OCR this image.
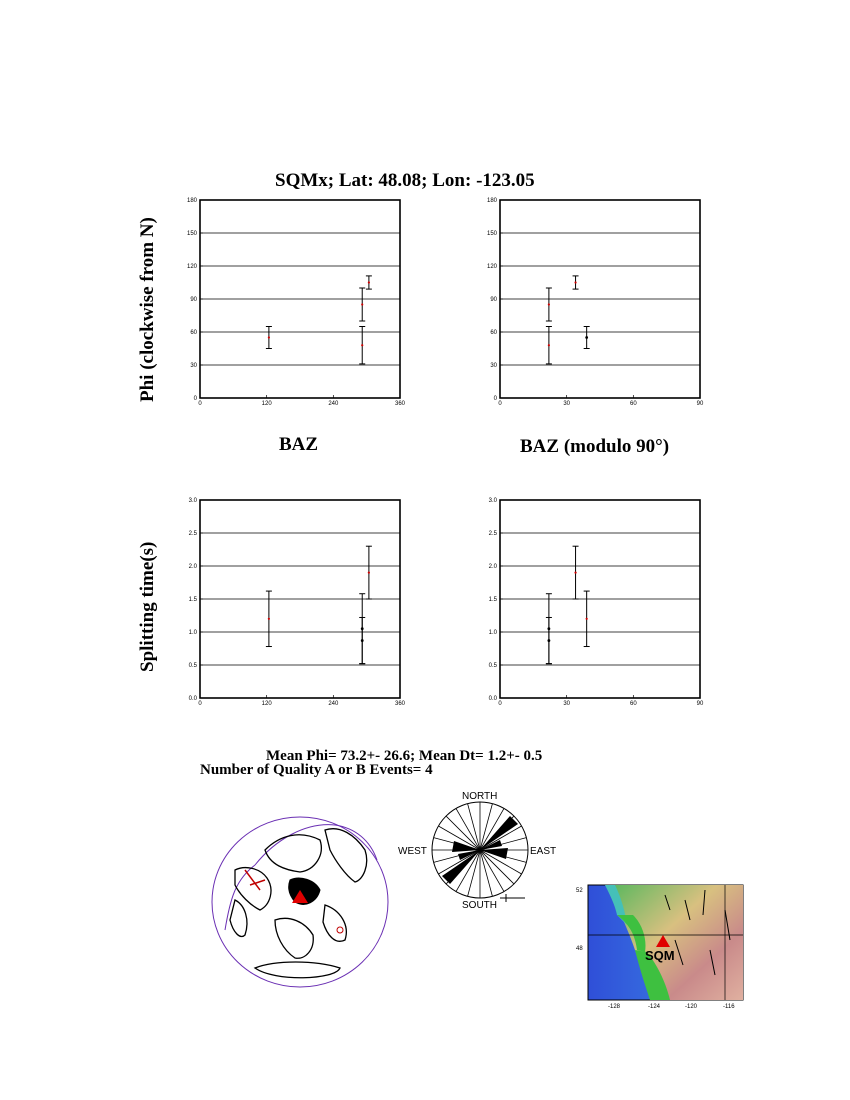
SQMx; Lat: 48.08; Lon: -123.05
Phi (clockwise from N)
Splitting time(s)
BAZ	BAZ (modulo 90°)
0
30
60
90
120
150
180
0	120	240	360
0
30
60
90
120
150
180
0	30	60	90
0.0
0.5
1.0
1.5
2.0
2.5
3.0
0	120	240	360
0.0
0.5
1.0
1.5
2.0
2.5
3.0
0	30	60	90
Mean Phi= 73.2+- 26.6; Mean Dt= 1.2+- 0.5
Number of Quality A or B Events= 4
NORTH
SOUTH
EAST
WEST
SQM
52
48
-128	-124	-120	-116
